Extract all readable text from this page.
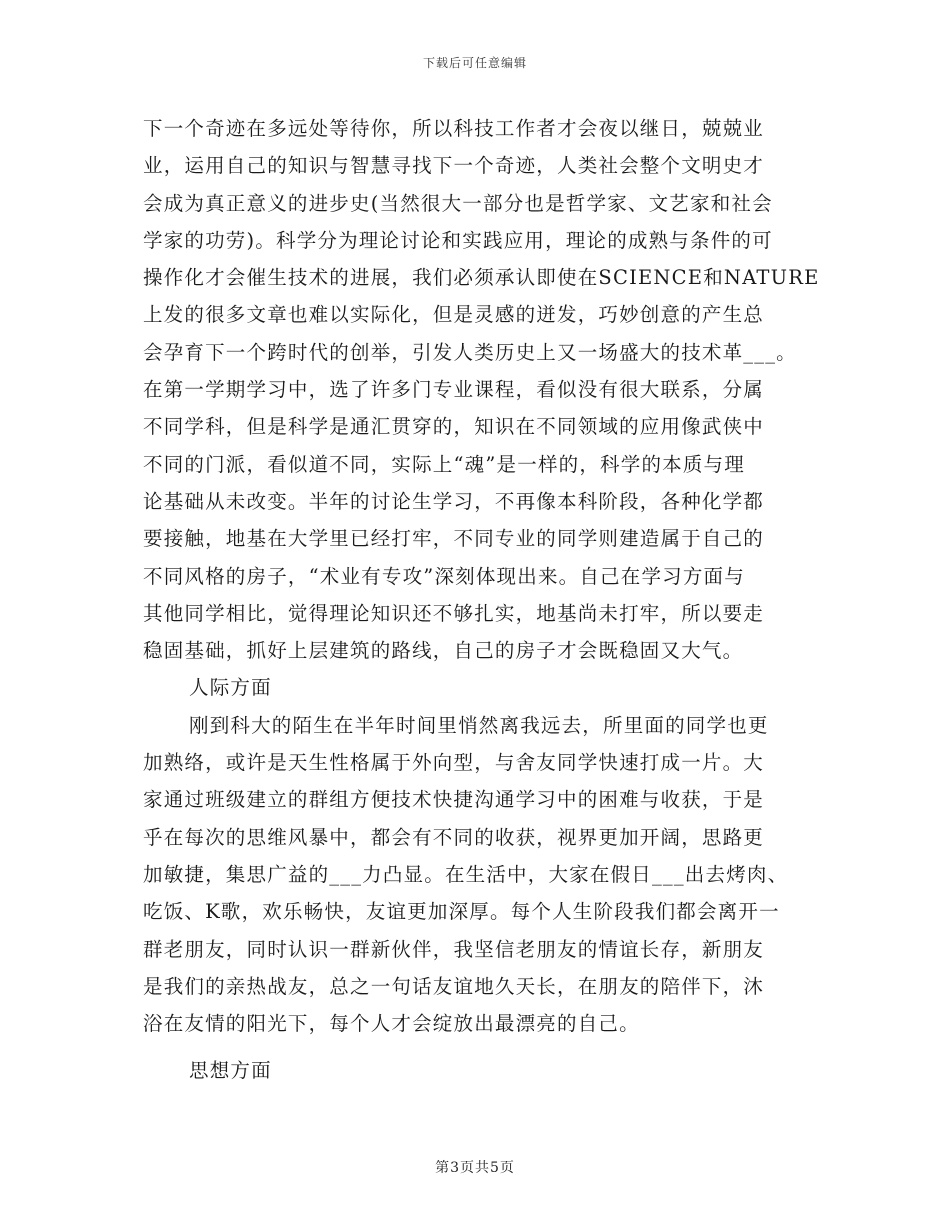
下载后可任意编辑
下一个奇迹在多远处等待你，所以科技工作者才会夜以继日，兢兢业
业，运用自己的知识与智慧寻找下一个奇迹，人类社会整个文明史才
会成为真正意义的进步史(当然很大一部分也是哲学家、文艺家和社会
学家的功劳)。科学分为理论讨论和实践应用，理论的成熟与条件的可
操作化才会催生技术的进展，我们必须承认即使在SCIENCE和NATURE
上发的很多文章也难以实际化，但是灵感的迸发，巧妙创意的产生总
会孕育下一个跨时代的创举，引发人类历史上又一场盛大的技术革___。
在第一学期学习中，选了许多门专业课程，看似没有很大联系，分属
不同学科，但是科学是通汇贯穿的，知识在不同领域的应用像武侠中
不同的门派，看似道不同，实际上“魂”是一样的，科学的本质与理
论基础从未改变。半年的讨论生学习，不再像本科阶段，各种化学都
要接触，地基在大学里已经打牢，不同专业的同学则建造属于自己的
不同风格的房子，“术业有专攻”深刻体现出来。自己在学习方面与
其他同学相比，觉得理论知识还不够扎实，地基尚未打牢，所以要走
稳固基础，抓好上层建筑的路线，自己的房子才会既稳固又大气。
人际方面
刚到科大的陌生在半年时间里悄然离我远去，所里面的同学也更
加熟络，或许是天生性格属于外向型，与舍友同学快速打成一片。大
家通过班级建立的群组方便技术快捷沟通学习中的困难与收获，于是
乎在每次的思维风暴中，都会有不同的收获，视界更加开阔，思路更
加敏捷，集思广益的___力凸显。在生活中，大家在假日___出去烤肉、
吃饭、K歌，欢乐畅快，友谊更加深厚。每个人生阶段我们都会离开一
群老朋友，同时认识一群新伙伴，我坚信老朋友的情谊长存，新朋友
是我们的亲热战友，总之一句话友谊地久天长，在朋友的陪伴下，沐
浴在友情的阳光下，每个人才会绽放出最漂亮的自己。
思想方面
第3页共5页
